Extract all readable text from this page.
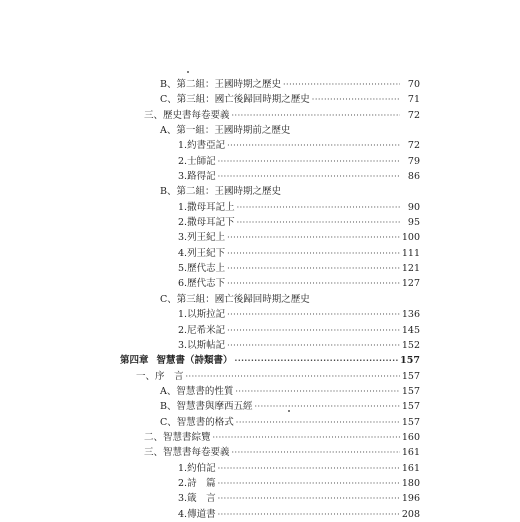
B、第二組：王國時期之歷史 ·····	70
C、第三組：國亡後歸回時期之歷史 ·····	71
三、歷史書每卷要義 ·····	72
A、第一組：王國時期前之歷史
1.約書亞記 ·····	72
2.士師記 ·····	79
3.路得記 ·····	86
B、第二組：王國時期之歷史
1.撒母耳記上 ·····	90
2.撒母耳記下 ·····	95
3.列王紀上 ·····	100
4.列王紀下 ·····	111
5.歷代志上 ·····	121
6.歷代志下 ·····	127
C、第三組：國亡後歸回時期之歷史
1.以斯拉記 ·····	136
2.尼希米記 ·····	145
3.以斯帖記 ·····	152
第四章 智慧書（詩類書） ·····	157
一、序　言 ·····	157
A、智慧書的性質 ·····	157
B、智慧書與摩西五經 ·····	157
C、智慧書的格式 ·····	157
二、智慧書綜覽 ·····	160
三、智慧書每卷要義 ·····	161
1.約伯記 ·····	161
2.詩　篇 ·····	180
3.箴　言 ·····	196
4.傳道書 ·····	208
